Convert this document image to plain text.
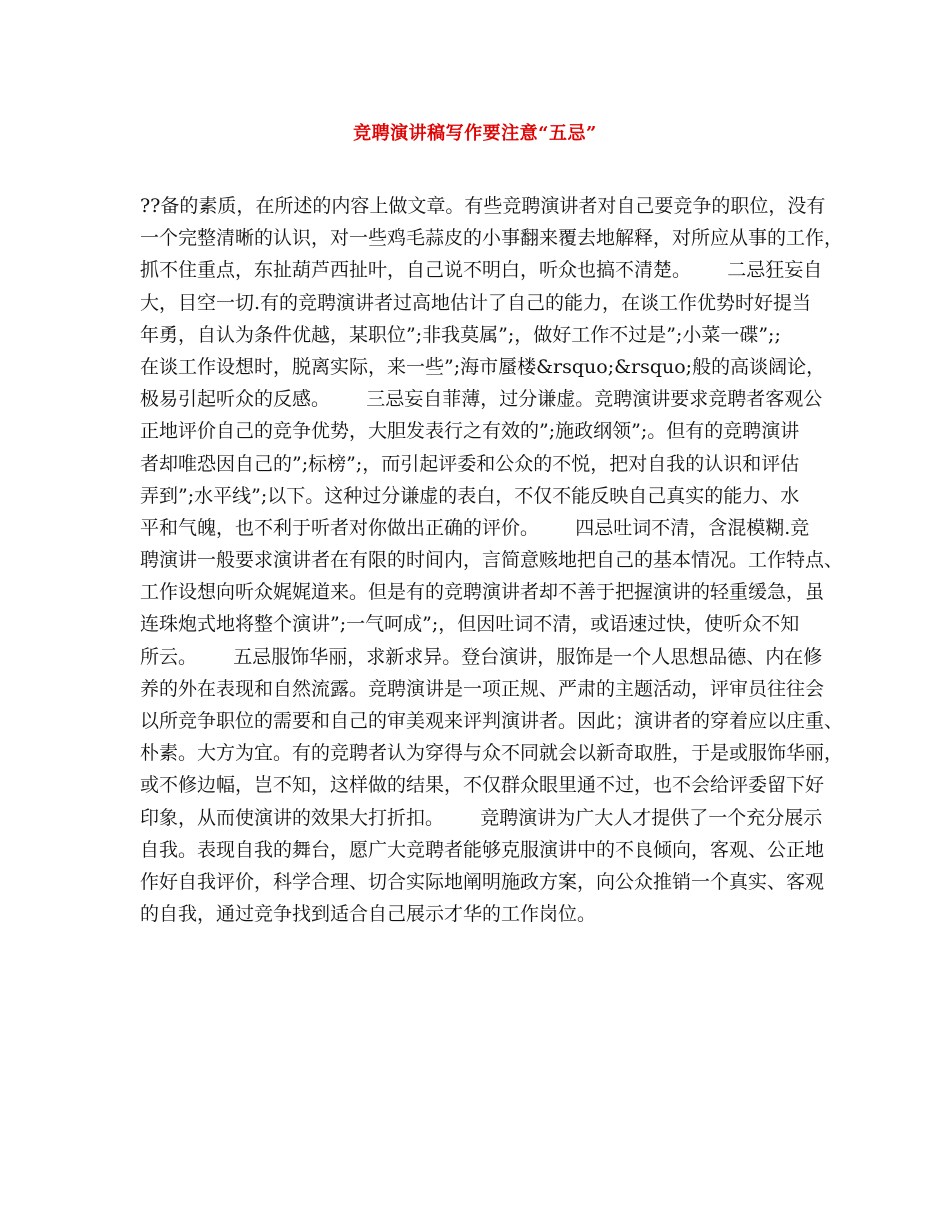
竞聘演讲稿写作要注意“五忌”
??备的素质，在所述的内容上做文章。有些竞聘演讲者对自己要竞争的职位，没有
一个完整清晰的认识，对一些鸡毛蒜皮的小事翻来覆去地解释，对所应从事的工作，
抓不住重点，东扯葫芦西扯叶，自己说不明白，听众也搞不清楚。      二忌狂妄自
大，目空一切.有的竞聘演讲者过高地估计了自己的能力，在谈工作优势时好提当
年勇，自认为条件优越，某职位”;非我莫属”;，做好工作不过是”;小菜一碟”;;
在谈工作设想时，脱离实际，来一些”;海市蜃楼&rsquo;&rsquo;般的高谈阔论，
极易引起听众的反感。      三忌妄自菲薄，过分谦虚。竞聘演讲要求竞聘者客观公
正地评价自己的竞争优势，大胆发表行之有效的”;施政纲领”;。但有的竞聘演讲
者却唯恐因自己的”;标榜”;，而引起评委和公众的不悦，把对自我的认识和评估
弄到”;水平线”;以下。这种过分谦虚的表白，不仅不能反映自己真实的能力、水
平和气魄，也不利于听者对你做出正确的评价。      四忌吐词不清，含混模糊.竞
聘演讲一般要求演讲者在有限的时间内，言简意赅地把自己的基本情况。工作特点、
工作设想向听众娓娓道来。但是有的竞聘演讲者却不善于把握演讲的轻重缓急，虽
连珠炮式地将整个演讲”;一气呵成”;，但因吐词不清，或语速过快，使听众不知
所云。      五忌服饰华丽，求新求异。登台演讲，服饰是一个人思想品德、内在修
养的外在表现和自然流露。竞聘演讲是一项正规、严肃的主题活动，评审员往往会
以所竞争职位的需要和自己的审美观来评判演讲者。因此；演讲者的穿着应以庄重、
朴素。大方为宜。有的竞聘者认为穿得与众不同就会以新奇取胜，于是或服饰华丽，
或不修边幅，岂不知，这样做的结果，不仅群众眼里通不过，也不会给评委留下好
印象，从而使演讲的效果大打折扣。      竞聘演讲为广大人才提供了一个充分展示
自我。表现自我的舞台，愿广大竞聘者能够克服演讲中的不良倾向，客观、公正地
作好自我评价，科学合理、切合实际地阐明施政方案，向公众推销一个真实、客观
的自我，通过竞争找到适合自己展示才华的工作岗位。
